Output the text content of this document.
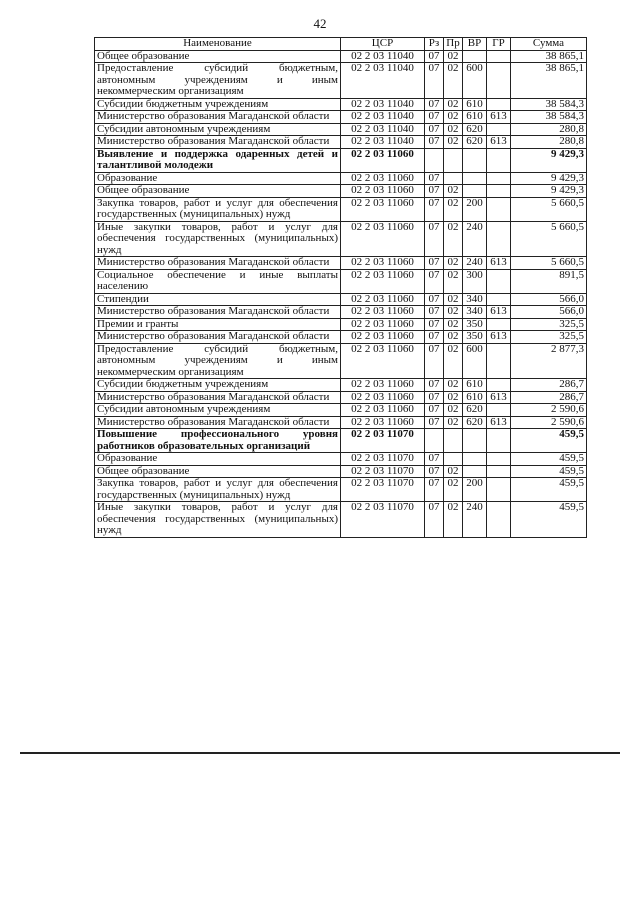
42
Наименование	ЦСР	Рз	Пр	ВР	ГР	Сумма
Общее образование	02 2 03 11040	07	02			38 865,1
Предоставление субсидий бюджетным, автономным учреждениям и иным некоммерческим организациям	02 2 03 11040	07	02	600		38 865,1
Субсидии бюджетным учреждениям	02 2 03 11040	07	02	610		38 584,3
Министерство образования Магаданской области	02 2 03 11040	07	02	610	613	38 584,3
Субсидии автономным учреждениям	02 2 03 11040	07	02	620		280,8
Министерство образования Магаданской области	02 2 03 11040	07	02	620	613	280,8
Выявление и поддержка одаренных детей и талантливой молодежи	02 2 03 11060					9 429,3
Образование	02 2 03 11060	07				9 429,3
Общее образование	02 2 03 11060	07	02			9 429,3
Закупка товаров, работ и услуг для обеспечения государственных (муниципальных) нужд	02 2 03 11060	07	02	200		5 660,5
Иные закупки товаров, работ и услуг для обеспечения государственных (муниципальных) нужд	02 2 03 11060	07	02	240		5 660,5
Министерство образования Магаданской области	02 2 03 11060	07	02	240	613	5 660,5
Социальное обеспечение и иные выплаты населению	02 2 03 11060	07	02	300		891,5
Стипендии	02 2 03 11060	07	02	340		566,0
Министерство образования Магаданской области	02 2 03 11060	07	02	340	613	566,0
Премии и гранты	02 2 03 11060	07	02	350		325,5
Министерство образования Магаданской области	02 2 03 11060	07	02	350	613	325,5
Предоставление субсидий бюджетным, автономным учреждениям и иным некоммерческим организациям	02 2 03 11060	07	02	600		2 877,3
Субсидии бюджетным учреждениям	02 2 03 11060	07	02	610		286,7
Министерство образования Магаданской области	02 2 03 11060	07	02	610	613	286,7
Субсидии автономным учреждениям	02 2 03 11060	07	02	620		2 590,6
Министерство образования Магаданской области	02 2 03 11060	07	02	620	613	2 590,6
Повышение профессионального уровня работников образовательных организаций	02 2 03 11070					459,5
Образование	02 2 03 11070	07				459,5
Общее образование	02 2 03 11070	07	02			459,5
Закупка товаров, работ и услуг для обеспечения государственных (муниципальных) нужд	02 2 03 11070	07	02	200		459,5
Иные закупки товаров, работ и услуг для обеспечения государственных (муниципальных) нужд	02 2 03 11070	07	02	240		459,5
